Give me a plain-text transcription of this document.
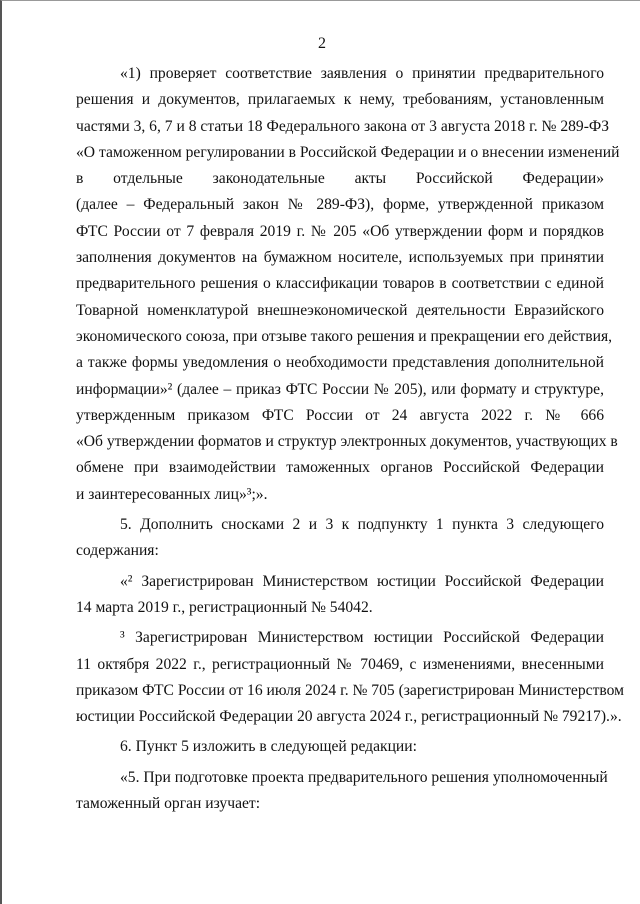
2
«1) проверяет соответствие заявления о принятии предварительного
решения и документов, прилагаемых к нему, требованиям, установленным
частями 3, 6, 7 и 8 статьи 18 Федерального закона от 3 августа 2018 г. № 289-ФЗ
«О таможенном регулировании в Российской Федерации и о внесении изменений
в отдельные законодательные акты Российской Федерации»
(далее – Федеральный закон № 289-ФЗ), форме, утвержденной приказом
ФТС России от 7 февраля 2019 г. № 205 «Об утверждении форм и порядков
заполнения документов на бумажном носителе, используемых при принятии
предварительного решения о классификации товаров в соответствии с единой
Товарной номенклатурой внешнеэкономической деятельности Евразийского
экономического союза, при отзыве такого решения и прекращении его действия,
а также формы уведомления о необходимости представления дополнительной
информации»² (далее – приказ ФТС России № 205), или формату и структуре,
утвержденным приказом ФТС России от 24 августа 2022 г. № 666
«Об утверждении форматов и структур электронных документов, участвующих в
обмене при взаимодействии таможенных органов Российской Федерации
и заинтересованных лиц»³;».
5. Дополнить сносками 2 и 3 к подпункту 1 пункта 3 следующего
содержания:
«² Зарегистрирован Министерством юстиции Российской Федерации
14 марта 2019 г., регистрационный № 54042.
³ Зарегистрирован Министерством юстиции Российской Федерации
11 октября 2022 г., регистрационный № 70469, с изменениями, внесенными
приказом ФТС России от 16 июля 2024 г. № 705 (зарегистрирован Министерством
юстиции Российской Федерации 20 августа 2024 г., регистрационный № 79217).».
6. Пункт 5 изложить в следующей редакции:
«5. При подготовке проекта предварительного решения уполномоченный
таможенный орган изучает:
